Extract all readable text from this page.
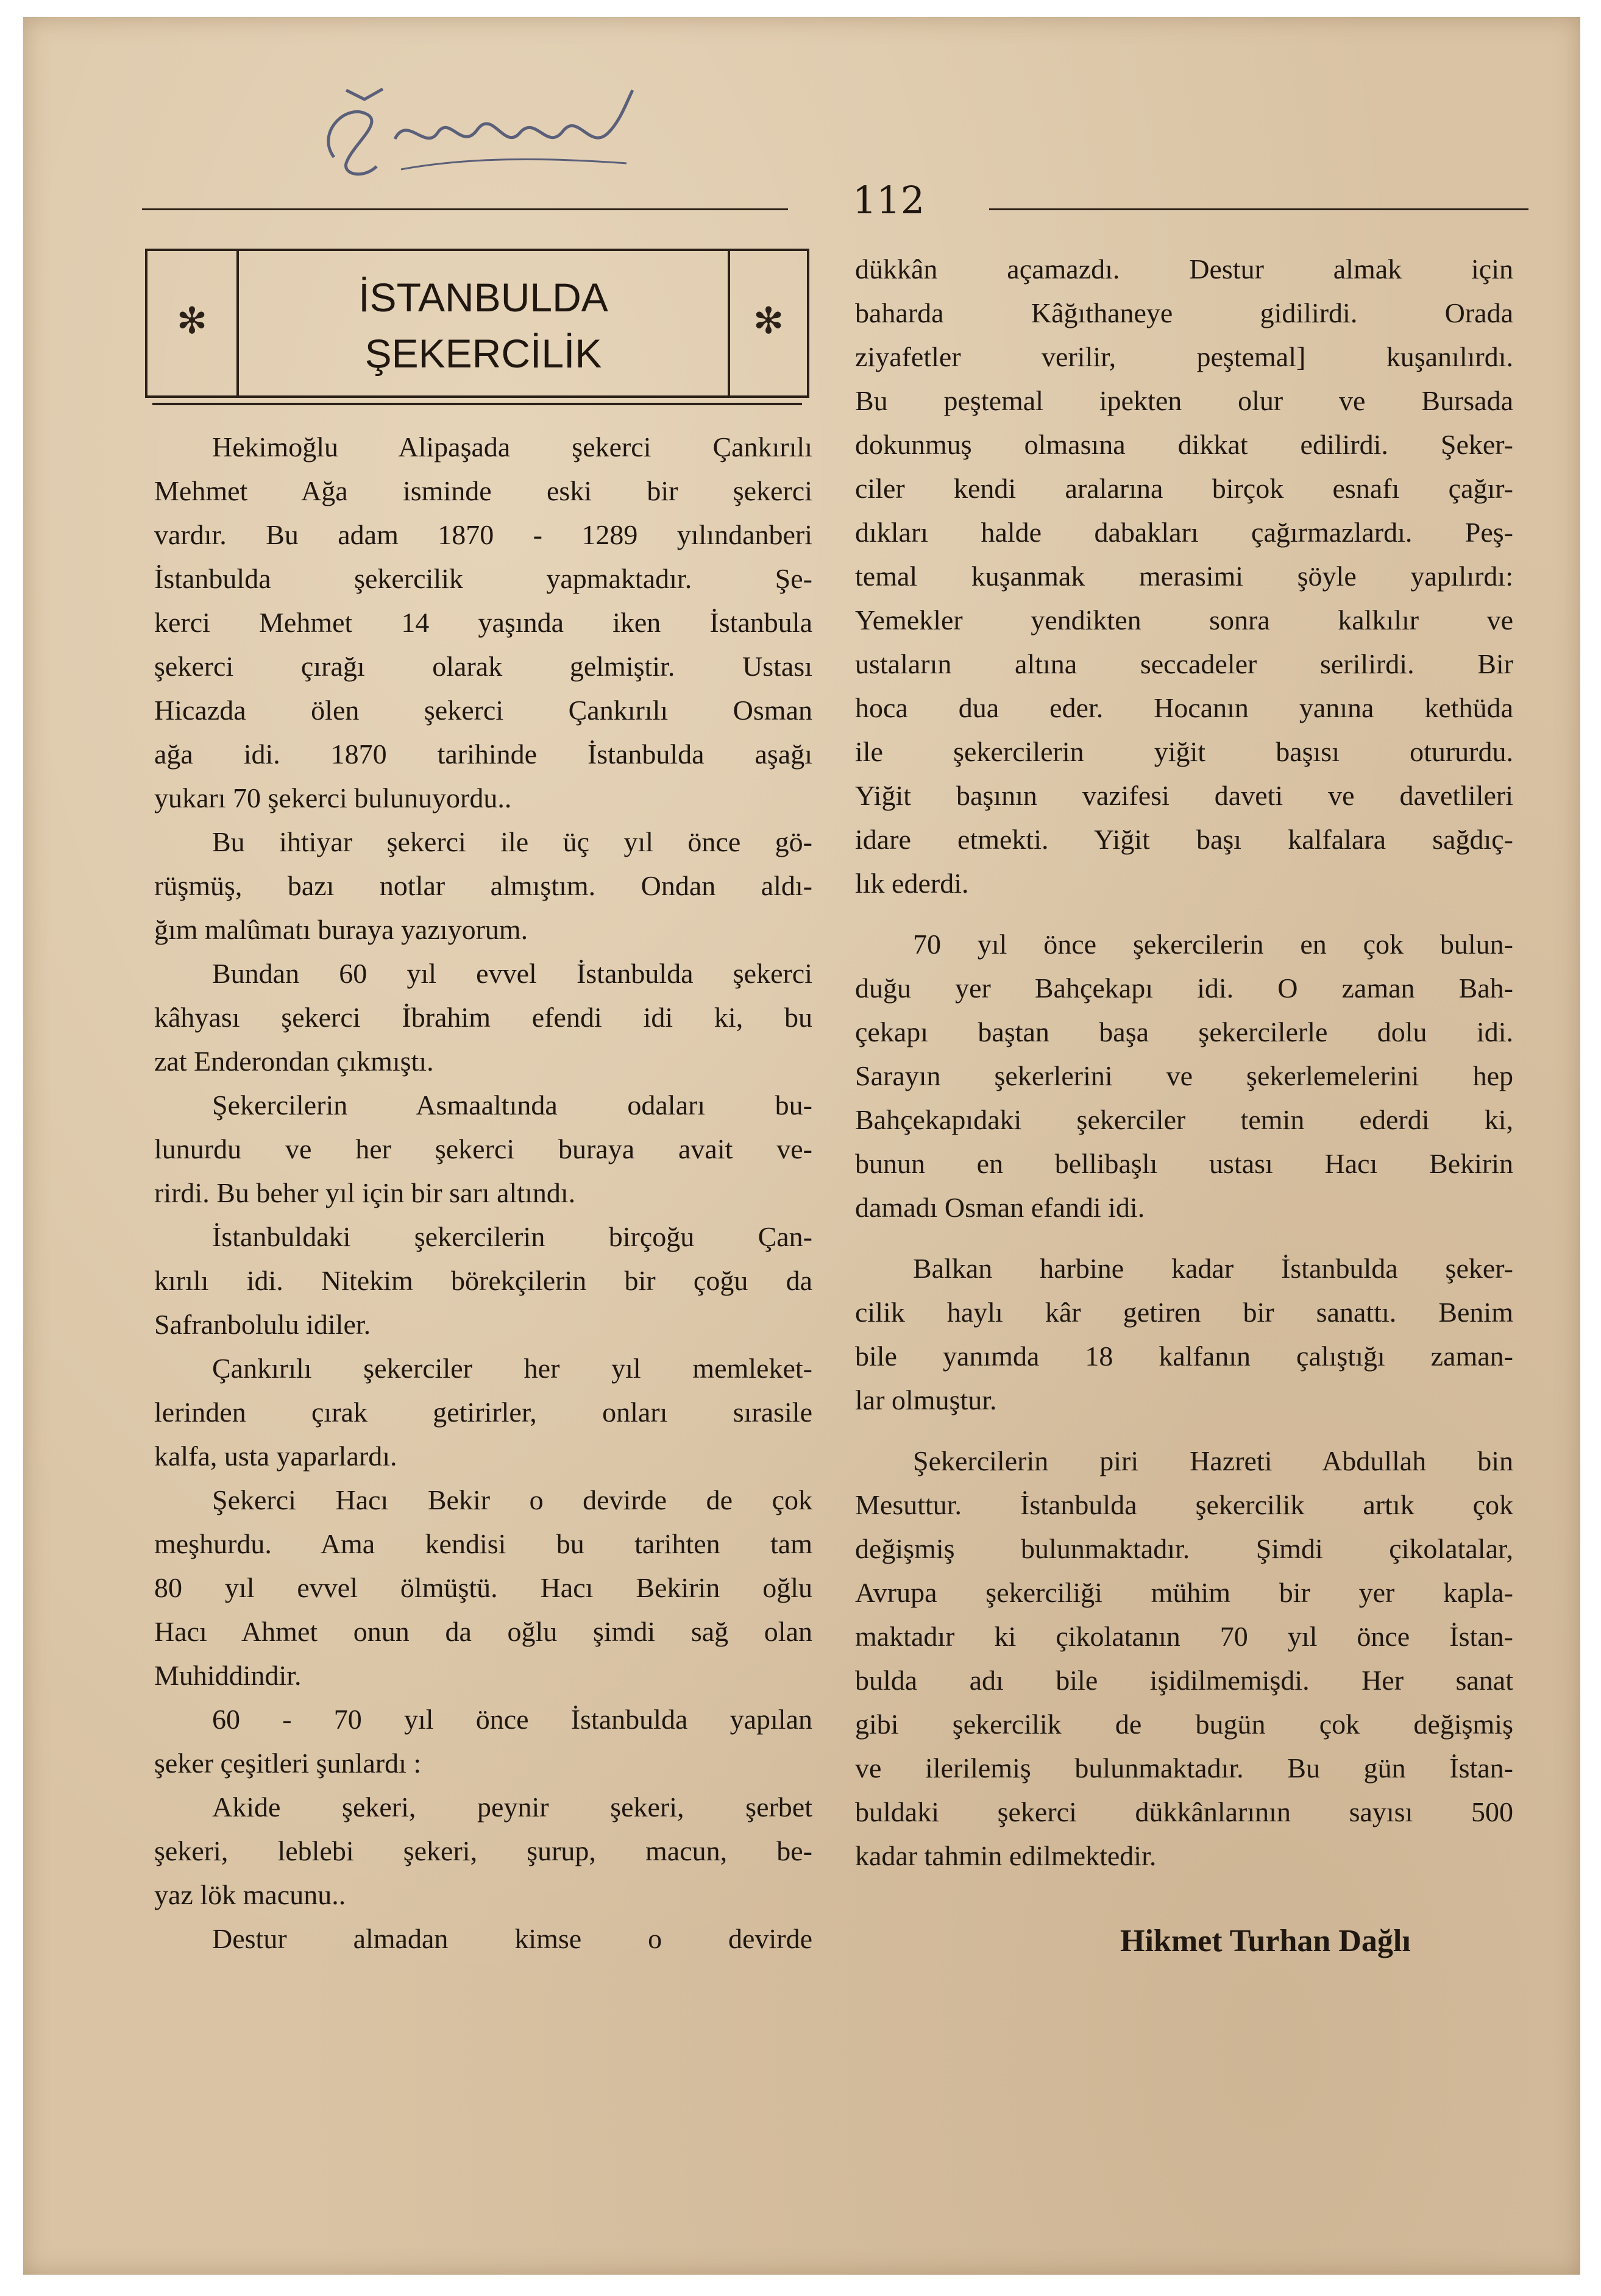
112
✻
İSTANBULDA
ŞEKERCİLİK
✻
Hekimoğlu Alipaşada şekerci Çankırılı
Mehmet Ağa isminde eski bir şekerci
vardır. Bu adam 1870 - 1289 yılındanberi
İstanbulda şekercilik yapmaktadır. Şe-
kerci Mehmet 14 yaşında iken İstanbula
şekerci çırağı olarak gelmiştir. Ustası
Hicazda ölen şekerci Çankırılı Osman
ağa idi. 1870 tarihinde İstanbulda aşağı
yukarı 70 şekerci bulunuyordu..
Bu ihtiyar şekerci ile üç yıl önce gö-
rüşmüş, bazı notlar almıştım. Ondan aldı-
ğım malûmatı buraya yazıyorum.
Bundan 60 yıl evvel İstanbulda şekerci
kâhyası şekerci İbrahim efendi idi ki, bu
zat Enderondan çıkmıştı.
Şekercilerin Asmaaltında odaları bu-
lunurdu ve her şekerci buraya avait ve-
rirdi. Bu beher yıl için bir sarı altındı.
İstanbuldaki şekercilerin birçoğu Çan-
kırılı idi. Nitekim börekçilerin bir çoğu da
Safranbolulu idiler.
Çankırılı şekerciler her yıl memleket-
lerinden çırak getirirler, onları sırasile
kalfa, usta yaparlardı.
Şekerci Hacı Bekir o devirde de çok
meşhurdu. Ama kendisi bu tarihten tam
80 yıl evvel ölmüştü. Hacı Bekirin oğlu
Hacı Ahmet onun da oğlu şimdi sağ olan
Muhiddindir.
60 - 70 yıl önce İstanbulda yapılan
şeker çeşitleri şunlardı :
Akide şekeri, peynir şekeri, şerbet
şekeri, leblebi şekeri, şurup, macun, be-
yaz lök macunu..
Destur almadan kimse o devirde
dükkân açamazdı. Destur almak için
baharda Kâğıthaneye gidilirdi. Orada
ziyafetler verilir, peştemal] kuşanılırdı.
Bu peştemal ipekten olur ve Bursada
dokunmuş olmasına dikkat edilirdi. Şeker-
ciler kendi aralarına birçok esnafı çağır-
dıkları halde dabakları çağırmazlardı. Peş-
temal kuşanmak merasimi şöyle yapılırdı:
Yemekler yendikten sonra kalkılır ve
ustaların altına seccadeler serilirdi. Bir
hoca dua eder. Hocanın yanına kethüda
ile şekercilerin yiğit başısı otururdu.
Yiğit başının vazifesi daveti ve davetlileri
idare etmekti. Yiğit başı kalfalara sağdıç-
lık ederdi.
70 yıl önce şekercilerin en çok bulun-
duğu yer Bahçekapı idi. O zaman Bah-
çekapı baştan başa şekercilerle dolu idi.
Sarayın şekerlerini ve şekerlemelerini hep
Bahçekapıdaki şekerciler temin ederdi ki,
bunun en bellibaşlı ustası Hacı Bekirin
damadı Osman efandi idi.
Balkan harbine kadar İstanbulda şeker-
cilik haylı kâr getiren bir sanattı. Benim
bile yanımda 18 kalfanın çalıştığı zaman-
lar olmuştur.
Şekercilerin piri Hazreti Abdullah bin
Mesuttur. İstanbulda şekercilik artık çok
değişmiş bulunmaktadır. Şimdi çikolatalar,
Avrupa şekerciliği mühim bir yer kapla-
maktadır ki çikolatanın 70 yıl önce İstan-
bulda adı bile işidilmemişdi. Her sanat
gibi şekercilik de bugün çok değişmiş
ve ilerilemiş bulunmaktadır. Bu gün İstan-
buldaki şekerci dükkânlarının sayısı 500
kadar tahmin edilmektedir.
Hikmet Turhan Dağlı
